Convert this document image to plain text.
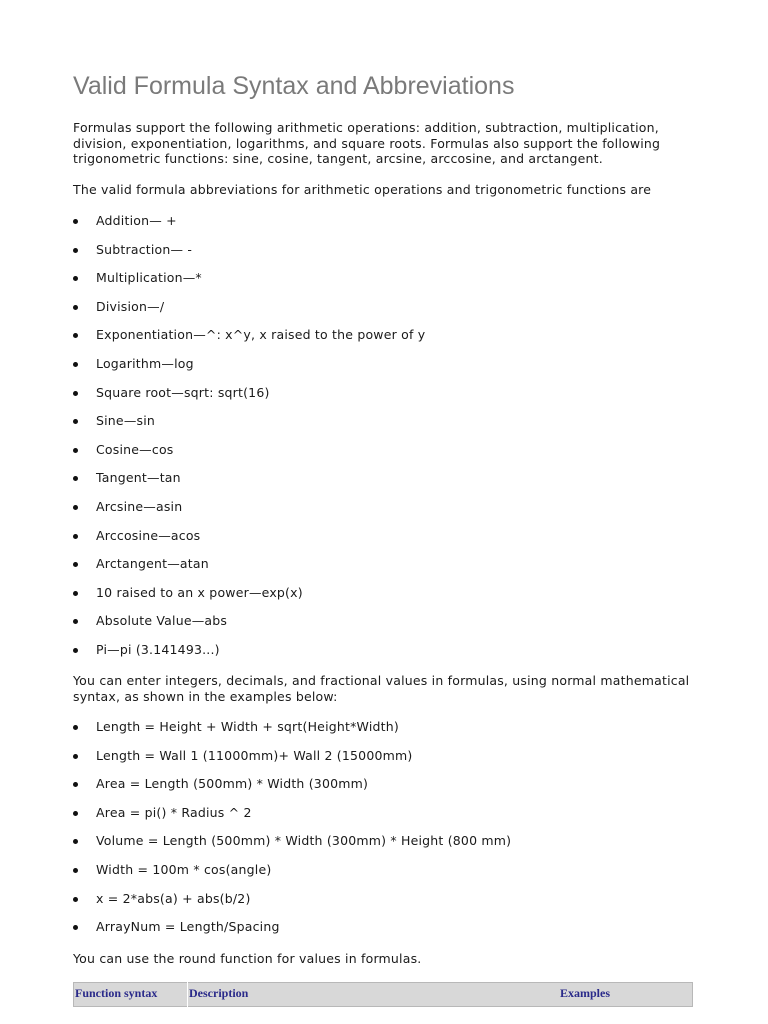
Valid Formula Syntax and Abbreviations

Formulas support the following arithmetic operations: addition, subtraction, multiplication, division, exponentiation, logarithms, and square roots. Formulas also support the following trigonometric functions: sine, cosine, tangent, arcsine, arccosine, and arctangent.

The valid formula abbreviations for arithmetic operations and trigonometric functions are

Addition— +
Subtraction— -
Multiplication—*
Division—/
Exponentiation—^: x^y, x raised to the power of y
Logarithm—log
Square root—sqrt: sqrt(16)
Sine—sin
Cosine—cos
Tangent—tan
Arcsine—asin
Arccosine—acos
Arctangent—atan
10 raised to an x power—exp(x)
Absolute Value—abs
Pi—pi (3.141493...)

You can enter integers, decimals, and fractional values in formulas, using normal mathematical syntax, as shown in the examples below:

Length = Height + Width + sqrt(Height*Width)
Length = Wall 1 (11000mm)+ Wall 2 (15000mm)
Area = Length (500mm) * Width (300mm)
Area = pi() * Radius ^ 2
Volume = Length (500mm) * Width (300mm) * Height (800 mm)
Width = 100m * cos(angle)
x = 2*abs(a) + abs(b/2)
ArrayNum = Length/Spacing

You can use the round function for values in formulas.

Function syntax	Description	Examples
